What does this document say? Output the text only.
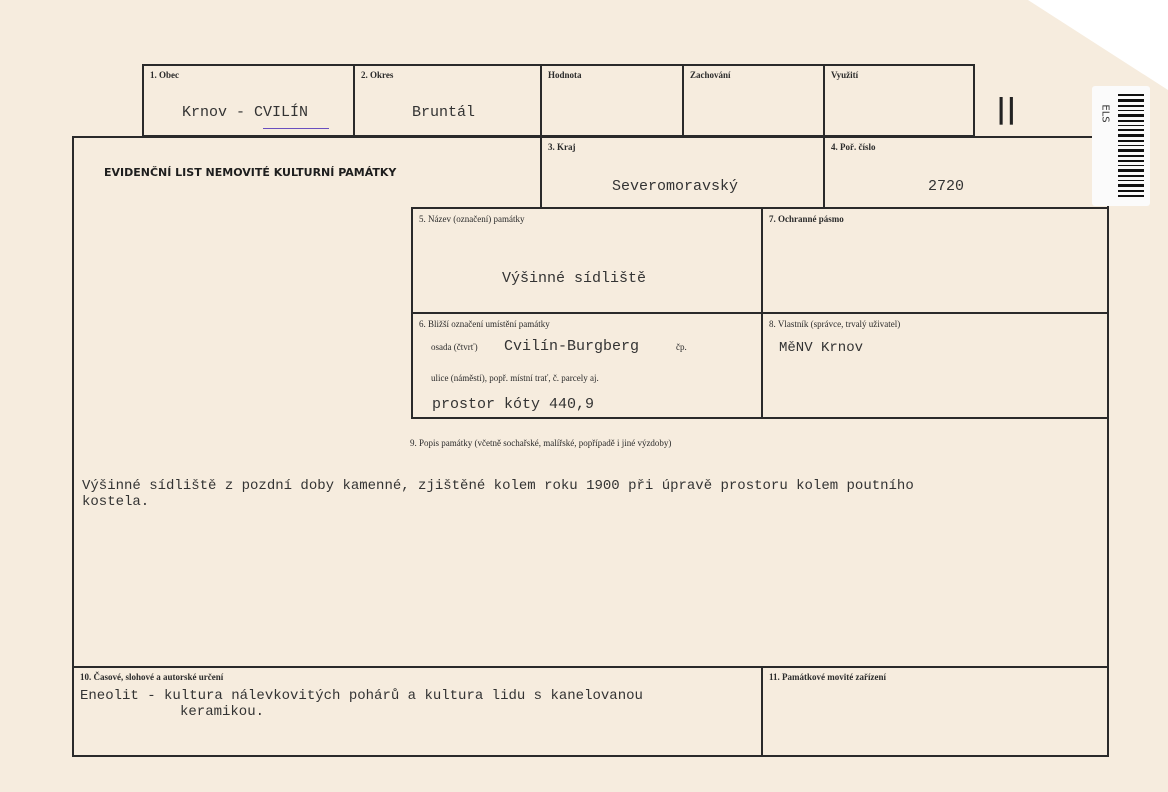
1. Obec
Krnov - CVILÍN
2. Okres
Bruntál
Hodnota	Zachování	Využití
EVIDENČNÍ LIST NEMOVITÉ KULTURNÍ PAMÁTKY
3. Kraj
Severomoravský
4. Poř. číslo
2720
5. Název (označení) památky
Výšinné sídliště
7. Ochranné pásmo
6. Bližší označení umístění památky
osada (čtvrť) Cvilín-Burgberg	čp.
ulice (náměstí), popř. místní trať, č. parcely aj.
prostor kóty 440,9
8. Vlastník (správce, trvalý uživatel)
MěNV Krnov
9. Popis památky (včetně sochařské, malířské, popřípadě i jiné výzdoby)
Výšinné sídliště z pozdní doby kamenné, zjištěné kolem roku 1900 při úpravě prostoru kolem poutního
kostela.
10. Časové, slohové a autorské určení
Eneolit - kultura nálevkovitých pohárů a kultura lidu s kanelovanou
keramikou.
11. Památkové movité zařízení
||	ELS
